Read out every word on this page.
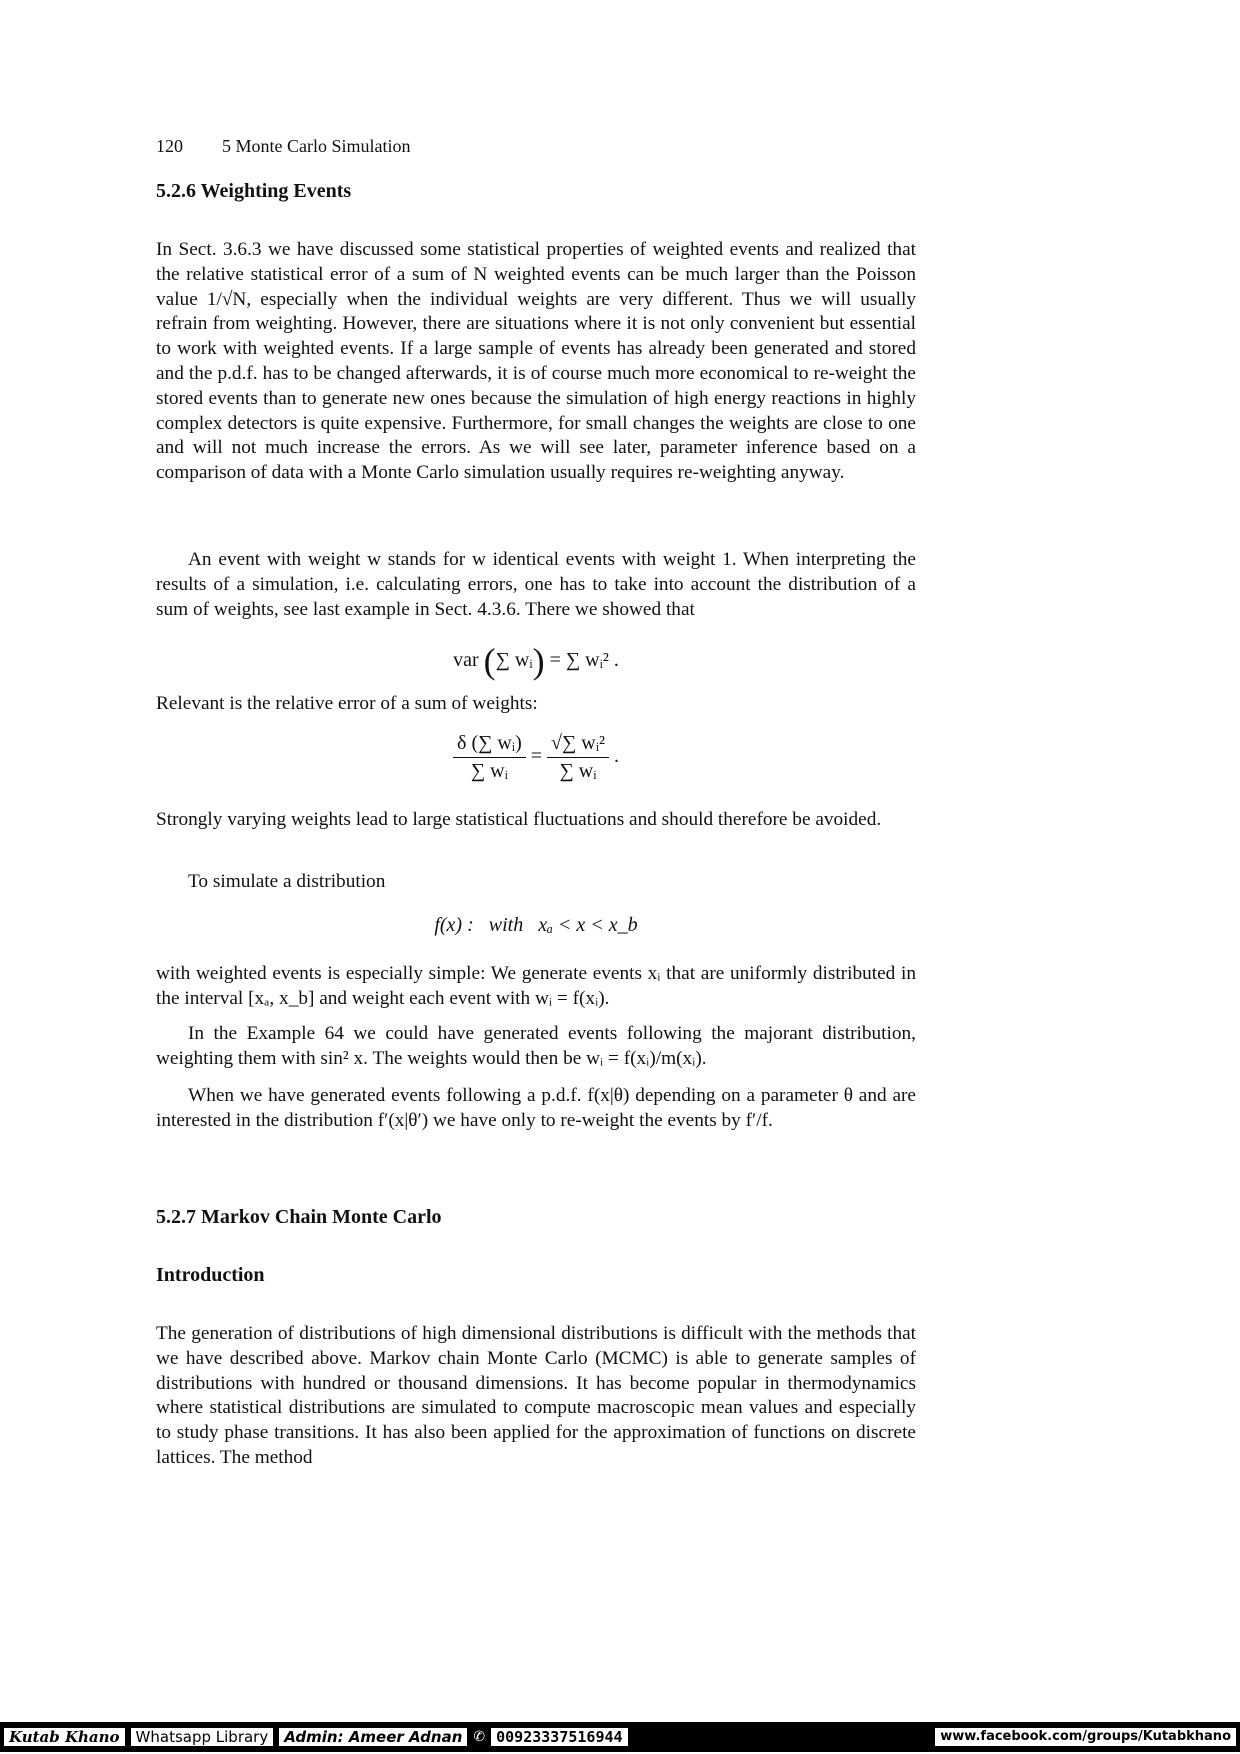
120 5 Monte Carlo Simulation
5.2.6 Weighting Events

In Sect. 3.6.3 we have discussed some statistical properties of weighted events and realized that the relative statistical error of a sum of N weighted events can be much larger than the Poisson value 1/√N, especially when the individual weights are very different. Thus we will usually refrain from weighting. However, there are situations where it is not only convenient but essential to work with weighted events. If a large sample of events has already been generated and stored and the p.d.f. has to be changed afterwards, it is of course much more economical to re-weight the stored events than to generate new ones because the simulation of high energy reactions in highly complex detectors is quite expensive. Furthermore, for small changes the weights are close to one and will not much increase the errors. As we will see later, parameter inference based on a comparison of data with a Monte Carlo simulation usually requires re-weighting anyway.

An event with weight w stands for w identical events with weight 1. When interpreting the results of a simulation, i.e. calculating errors, one has to take into account the distribution of a sum of weights, see last example in Sect. 4.3.6. There we showed that

var (∑ wᵢ) = ∑ wᵢ² .

Relevant is the relative error of a sum of weights:

$\frac{\text{δ (∑ wᵢ)}}{\text{∑ wᵢ}} = \frac{\text{√∑ wᵢ²}}{\text{∑ wᵢ}}$ .

Strongly varying weights lead to large statistical fluctuations and should therefore be avoided.

To simulate a distribution

f(x) :   with   xₐ < x < x_b

with weighted events is especially simple: We generate events xᵢ that are uniformly distributed in the interval [xₐ, x_b] and weight each event with wᵢ = f(xᵢ).

In the Example 64 we could have generated events following the majorant distribution, weighting them with sin² x. The weights would then be wᵢ = f(xᵢ)/m(xᵢ).

When we have generated events following a p.d.f. f(x|θ) depending on a parameter θ and are interested in the distribution f′(x|θ′) we have only to re-weight the events by f′/f.

5.2.7 Markov Chain Monte Carlo
Introduction

The generation of distributions of high dimensional distributions is difficult with the methods that we have described above. Markov chain Monte Carlo (MCMC) is able to generate samples of distributions with hundred or thousand dimensions. It has become popular in thermodynamics where statistical distributions are simulated to compute macroscopic mean values and especially to study phase transitions. It has also been applied for the approximation of functions on discrete lattices. The method

Kutab Khano	Whatsapp Library	Admin: Ameer Adnan ✆ 00923337516944	www.facebook.com/groups/Kutabkhano
